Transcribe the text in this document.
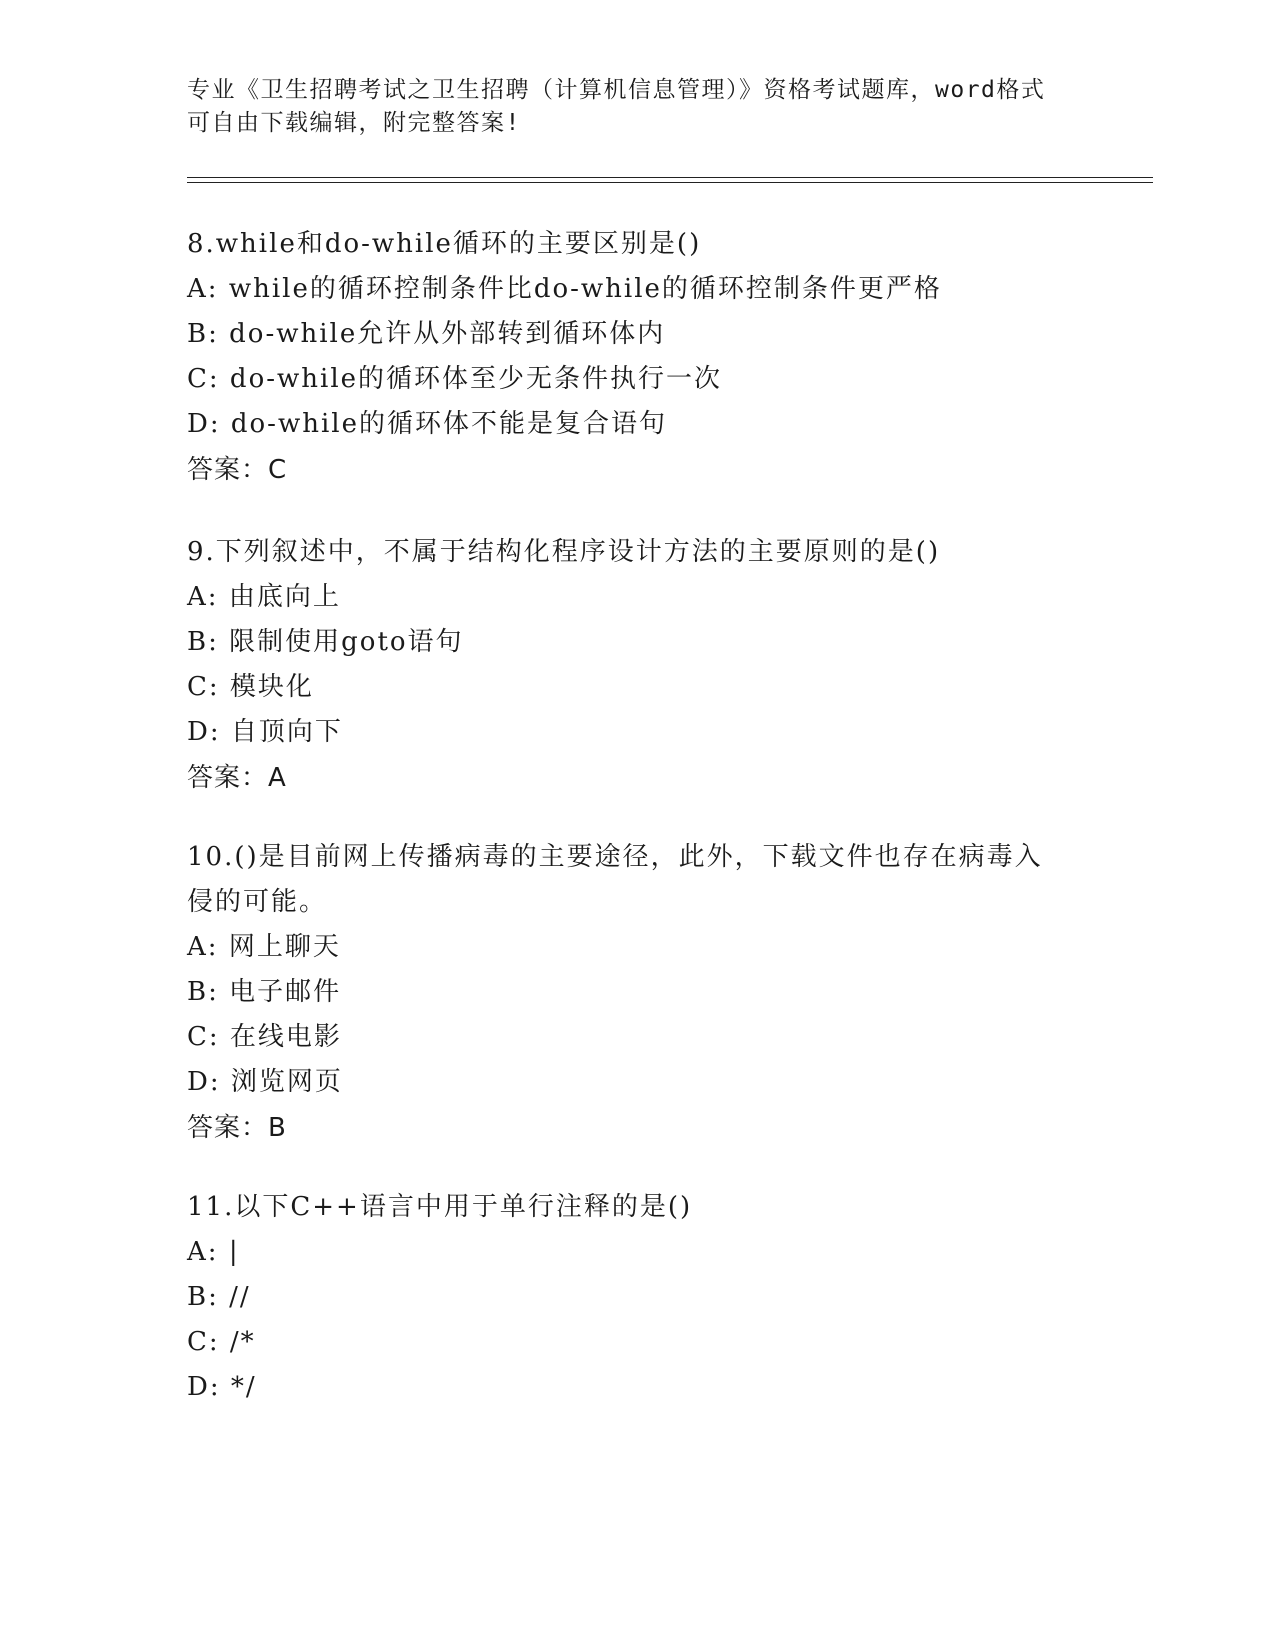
专业《卫生招聘考试之卫生招聘（计算机信息管理）》资格考试题库，word格式

可自由下载编辑，附完整答案!

8.while和do-while循环的主要区别是()
A: while的循环控制条件比do-while的循环控制条件更严格
B: do-while允许从外部转到循环体内
C: do-while的循环体至少无条件执行一次
D: do-while的循环体不能是复合语句
答案：C
9.下列叙述中，不属于结构化程序设计方法的主要原则的是()
A: 由底向上
B: 限制使用goto语句
C: 模块化
D: 自顶向下
答案：A
10.()是目前网上传播病毒的主要途径，此外，下载文件也存在病毒入
侵的可能。
A: 网上聊天
B: 电子邮件
C: 在线电影
D: 浏览网页
答案：B
11.以下C++语言中用于单行注释的是()
A: |
B: //
C: /*
D: */
